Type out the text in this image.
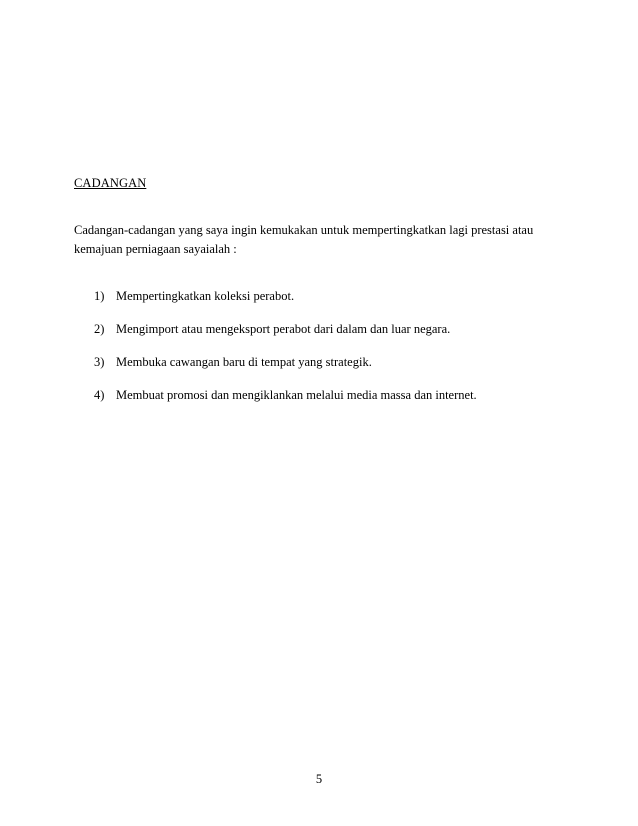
CADANGAN

Cadangan-cadangan yang saya ingin kemukakan untuk mempertingkatkan lagi prestasi atau
kemajuan perniagaan sayaialah :

1) Mempertingkatkan koleksi perabot.
2) Mengimport atau mengeksport perabot dari dalam dan luar negara.
3) Membuka cawangan baru di tempat yang strategik.
4) Membuat promosi dan mengiklankan melalui media massa dan internet.
5
